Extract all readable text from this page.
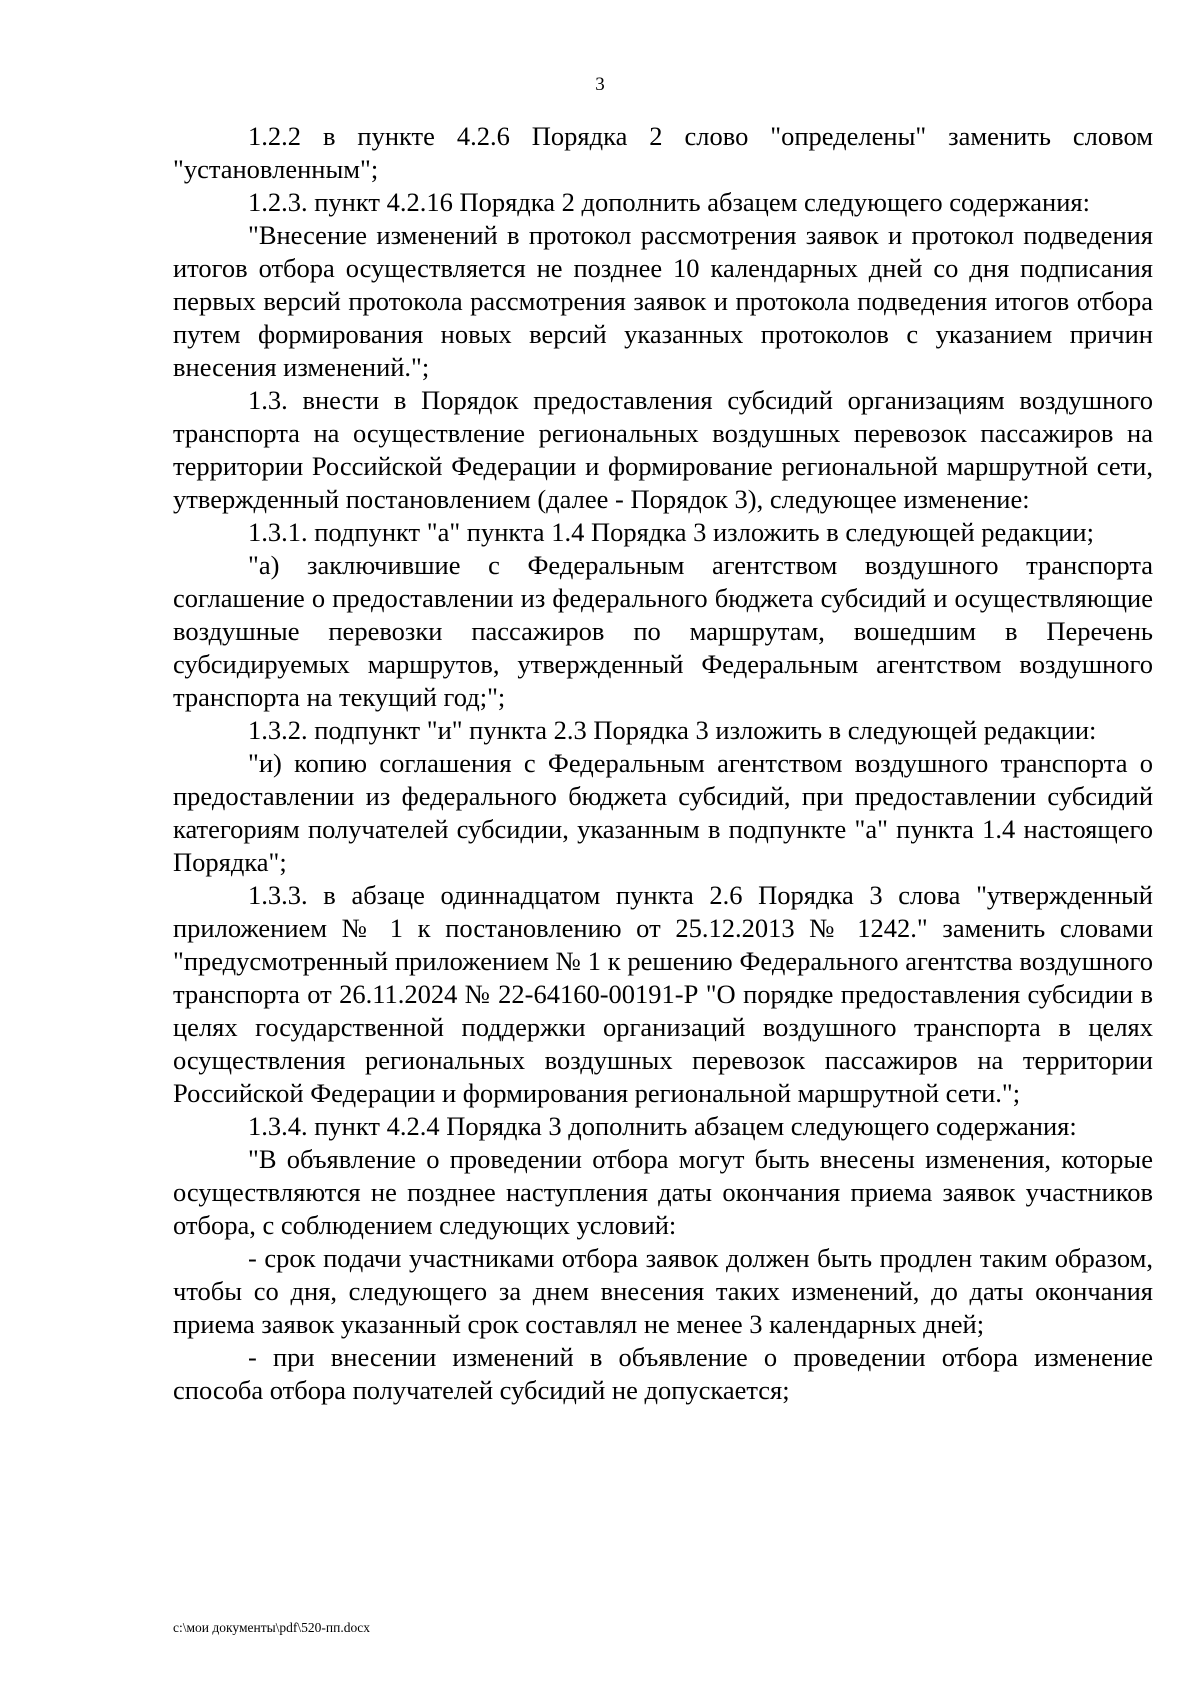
3

1.2.2 в пункте 4.2.6 Порядка 2 слово "определены" заменить словом "установленным";

1.2.3. пункт 4.2.16 Порядка 2 дополнить абзацем следующего содержания:

"Внесение изменений в протокол рассмотрения заявок и протокол подведения итогов отбора осуществляется не позднее 10 календарных дней со дня подписания первых версий протокола рассмотрения заявок и протокола подведения итогов отбора путем формирования новых версий указанных протоколов с указанием причин внесения изменений.";

1.3. внести в Порядок предоставления субсидий организациям воздушного транспорта на осуществление региональных воздушных перевозок пассажиров на территории Российской Федерации и формирование региональной маршрутной сети, утвержденный постановлением (далее - Порядок 3), следующее изменение:

1.3.1. подпункт "а" пункта 1.4 Порядка 3 изложить в следующей редакции;

"а) заключившие с Федеральным агентством воздушного транспорта соглашение о предоставлении из федерального бюджета субсидий и осуществляющие воздушные перевозки пассажиров по маршрутам, вошедшим в Перечень субсидируемых маршрутов, утвержденный Федеральным агентством воздушного транспорта на текущий год;";

1.3.2. подпункт "и" пункта 2.3 Порядка 3 изложить в следующей редакции:

"и) копию соглашения с Федеральным агентством воздушного транспорта о предоставлении из федерального бюджета субсидий, при предоставлении субсидий категориям получателей субсидии, указанным в подпункте "а" пункта 1.4 настоящего Порядка";

1.3.3. в абзаце одиннадцатом пункта 2.6 Порядка 3 слова "утвержденный приложением № 1 к постановлению от 25.12.2013 № 1242." заменить словами "предусмотренный приложением № 1 к решению Федерального агентства воздушного транспорта от 26.11.2024 № 22-64160-00191-Р "О порядке предоставления субсидии в целях государственной поддержки организаций воздушного транспорта в целях осуществления региональных воздушных перевозок пассажиров на территории Российской Федерации и формирования региональной маршрутной сети.";

1.3.4. пункт 4.2.4 Порядка 3 дополнить абзацем следующего содержания:

"В объявление о проведении отбора могут быть внесены изменения, которые осуществляются не позднее наступления даты окончания приема заявок участников отбора, с соблюдением следующих условий:

- срок подачи участниками отбора заявок должен быть продлен таким образом, чтобы со дня, следующего за днем внесения таких изменений, до даты окончания приема заявок указанный срок составлял не менее 3 календарных дней;

- при внесении изменений в объявление о проведении отбора изменение способа отбора получателей субсидий не допускается;

c:\мои документы\pdf\520-пп.docx
